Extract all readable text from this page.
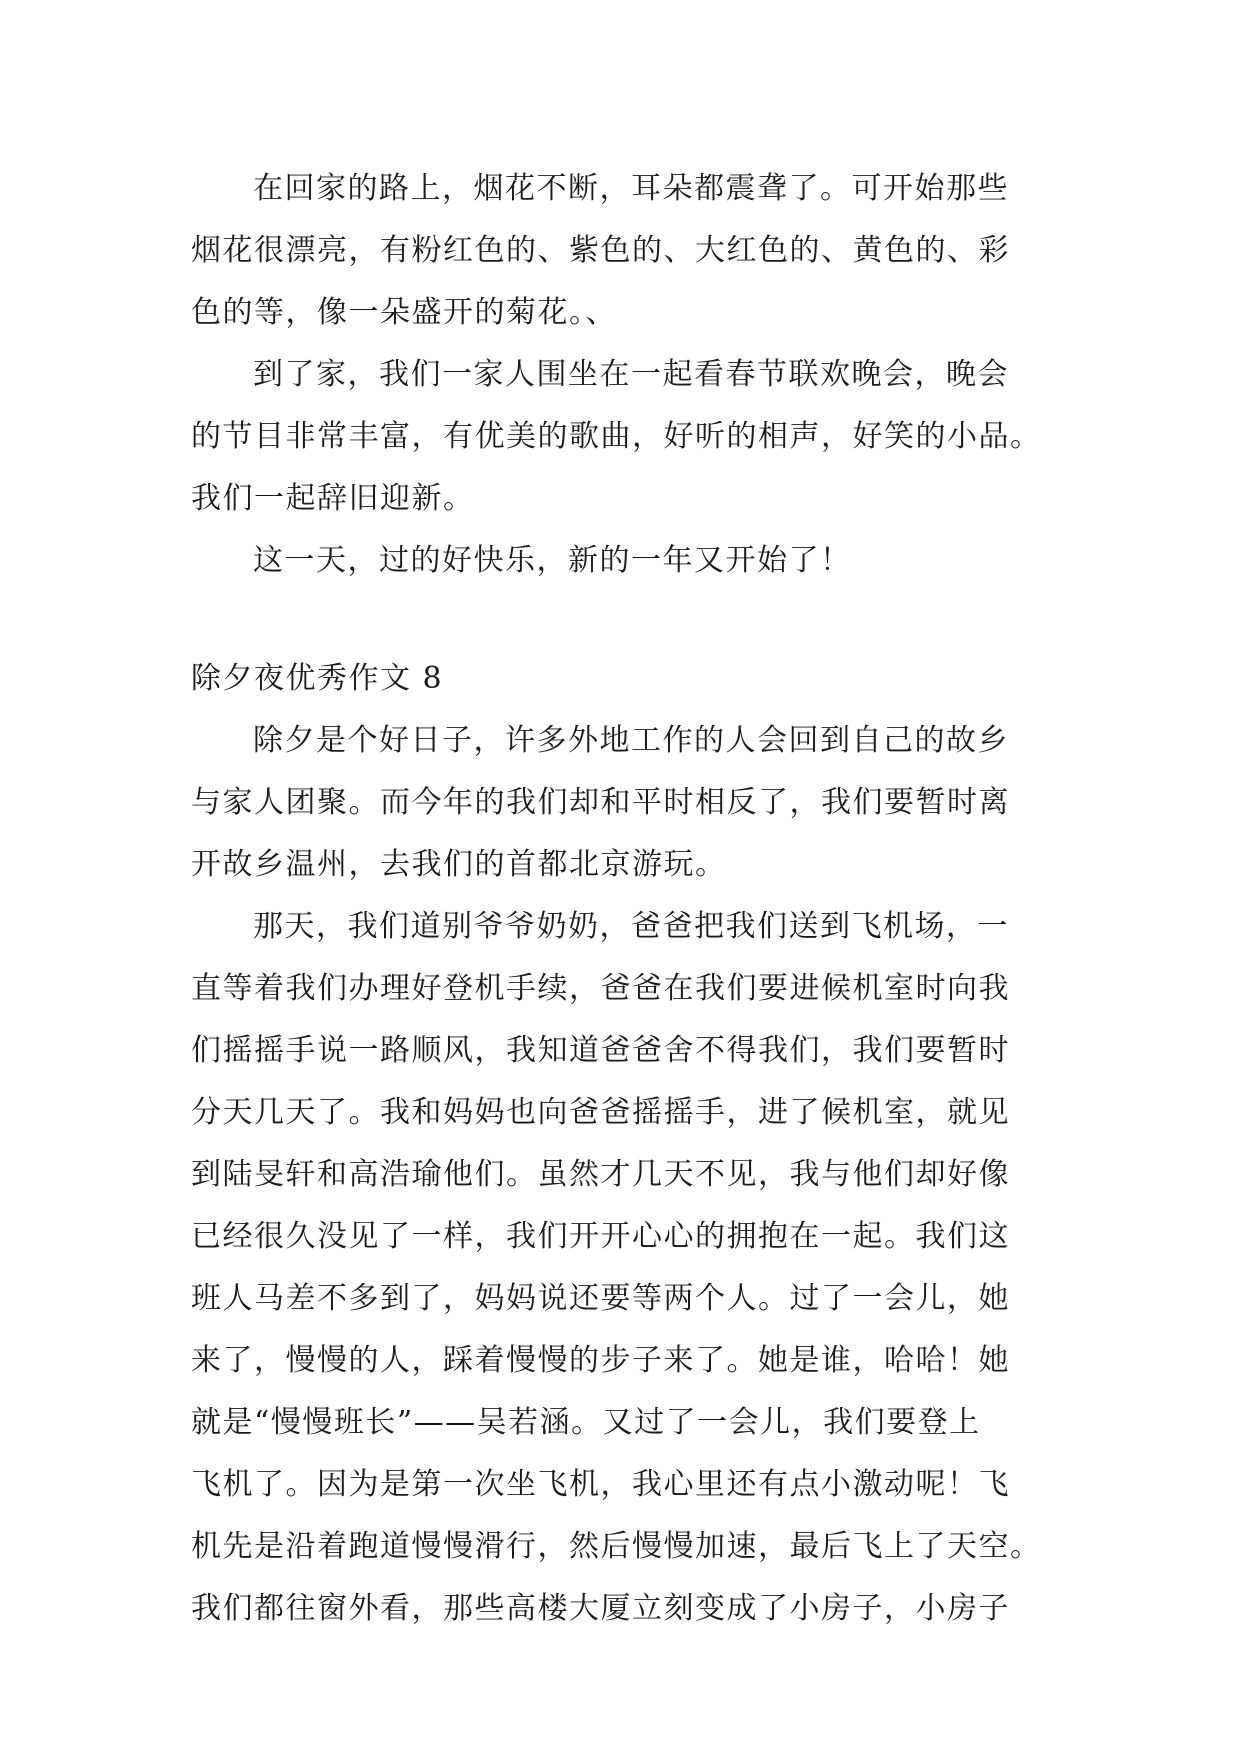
在回家的路上，烟花不断，耳朵都震聋了。可开始那些
烟花很漂亮，有粉红色的、紫色的、大红色的、黄色的、彩
色的等，像一朵盛开的菊花。、
到了家，我们一家人围坐在一起看春节联欢晚会，晚会
的节目非常丰富，有优美的歌曲，好听的相声，好笑的小品。
我们一起辞旧迎新。
这一天，过的好快乐，新的一年又开始了！
除夕夜优秀作文 8
除夕是个好日子，许多外地工作的人会回到自己的故乡
与家人团聚。而今年的我们却和平时相反了，我们要暂时离
开故乡温州，去我们的首都北京游玩。
那天，我们道别爷爷奶奶，爸爸把我们送到飞机场，一
直等着我们办理好登机手续，爸爸在我们要进候机室时向我
们摇摇手说一路顺风，我知道爸爸舍不得我们，我们要暂时
分天几天了。我和妈妈也向爸爸摇摇手，进了候机室，就见
到陆旻轩和高浩瑜他们。虽然才几天不见，我与他们却好像
已经很久没见了一样，我们开开心心的拥抱在一起。我们这
班人马差不多到了，妈妈说还要等两个人。过了一会儿，她
来了，慢慢的人，踩着慢慢的步子来了。她是谁，哈哈！她
就是“慢慢班长”——吴若涵。又过了一会儿，我们要登上
飞机了。因为是第一次坐飞机，我心里还有点小激动呢！飞
机先是沿着跑道慢慢滑行，然后慢慢加速，最后飞上了天空。
我们都往窗外看，那些高楼大厦立刻变成了小房子，小房子
